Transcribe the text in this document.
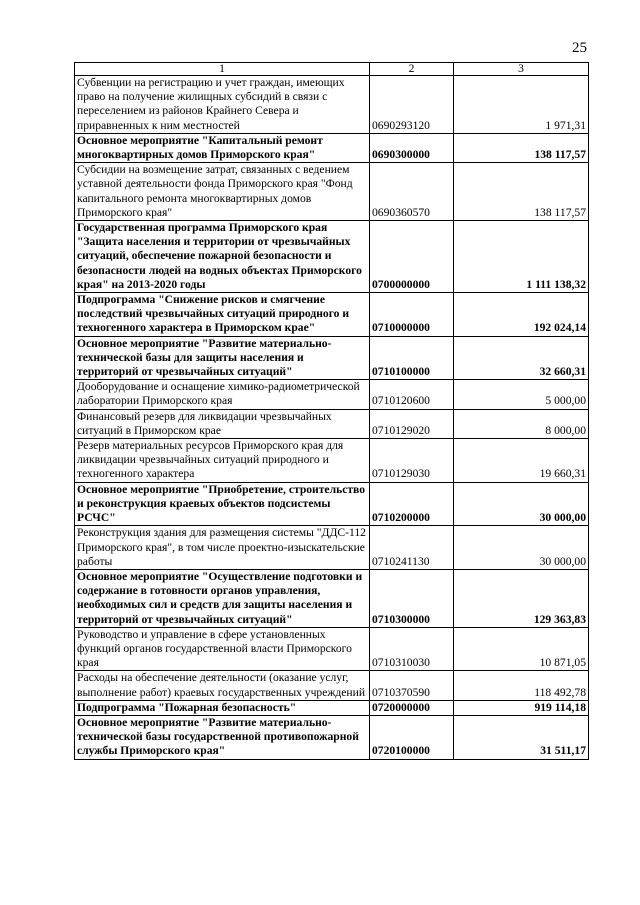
25
1	2	3
Субвенции на регистрацию и учет граждан, имеющих право на получение жилищных субсидий в связи с переселением из районов Крайнего Севера и приравненных к ним местностей	0690293120	1 971,31
Основное мероприятие "Капитальный ремонт многоквартирных домов Приморского края"	0690300000	138 117,57
Субсидии на возмещение затрат, связанных с ведением уставной деятельности фонда Приморского края "Фонд капитального ремонта многоквартирных домов Приморского края"	0690360570	138 117,57
Государственная программа Приморского края "Защита населения и территории от чрезвычайных ситуаций, обеспечение пожарной безопасности и безопасности людей на водных объектах Приморского края" на 2013-2020 годы	0700000000	1 111 138,32
Подпрограмма "Снижение рисков и смягчение последствий чрезвычайных ситуаций природного и техногенного характера в Приморском крае"	0710000000	192 024,14
Основное мероприятие "Развитие материально-технической базы для защиты населения и территорий от чрезвычайных ситуаций"	0710100000	32 660,31
Дооборудование и оснащение химико-радиометрической лаборатории Приморского края	0710120600	5 000,00
Финансовый резерв для ликвидации чрезвычайных ситуаций в Приморском крае	0710129020	8 000,00
Резерв материальных ресурсов Приморского края для ликвидации чрезвычайных ситуаций природного и техногенного характера	0710129030	19 660,31
Основное мероприятие "Приобретение, строительство и реконструкция краевых объектов подсистемы РСЧС"	0710200000	30 000,00
Реконструкция здания для размещения системы "ДДС-112 Приморского края", в том числе проектно-изыскательские работы	0710241130	30 000,00
Основное мероприятие "Осуществление подготовки и содержание в готовности органов управления, необходимых сил и средств для защиты населения и территорий от чрезвычайных ситуаций"	0710300000	129 363,83
Руководство и управление в сфере установленных функций органов государственной власти Приморского края	0710310030	10 871,05
Расходы на обеспечение деятельности (оказание услуг, выполнение работ) краевых государственных учреждений	0710370590	118 492,78
Подпрограмма "Пожарная безопасность"	0720000000	919 114,18
Основное мероприятие "Развитие материально-технической базы государственной противопожарной службы Приморского края"	0720100000	31 511,17
